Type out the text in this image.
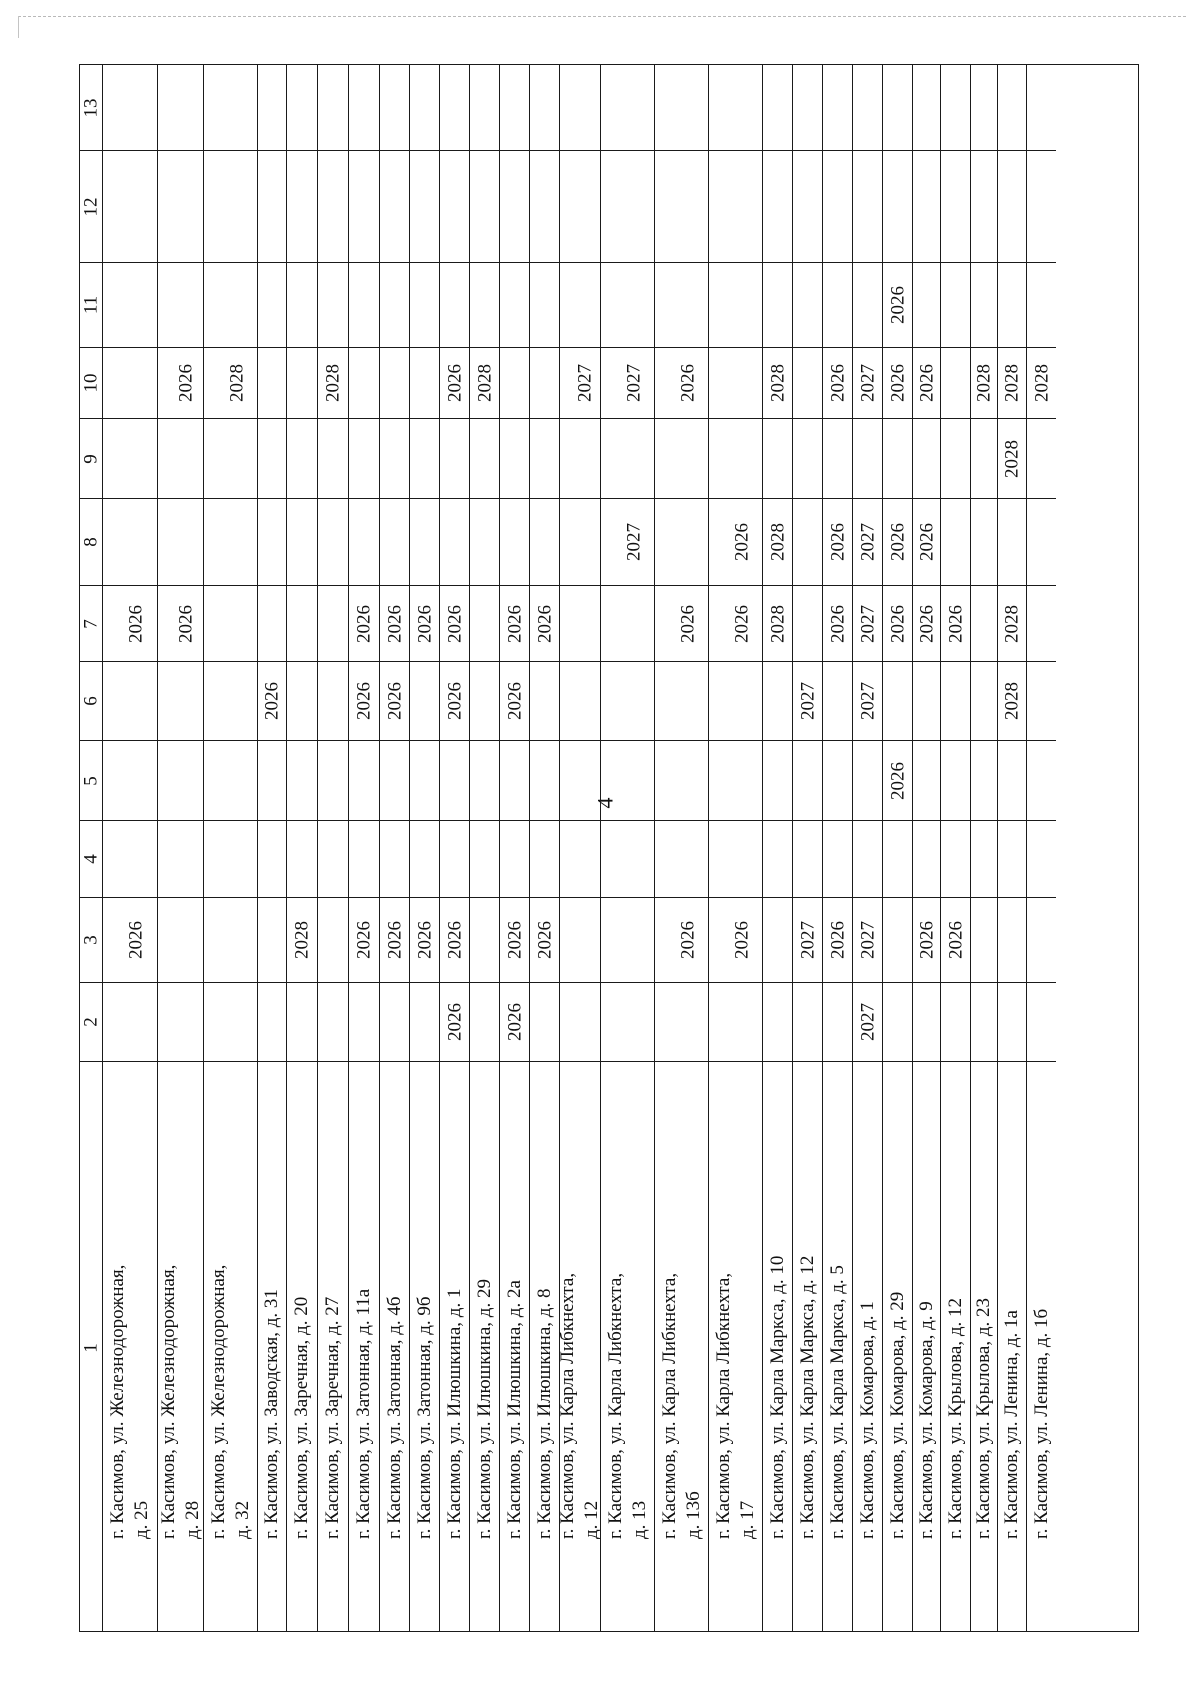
4
13
12
11
10
9
8
7
6
5
4
3
2
1
2026
2026
г. Касимов, ул. Железнодорожная, д. 25
2026
2026
г. Касимов, ул. Железнодорожная, д. 28
2028
г. Касимов, ул. Железнодорожная, д. 32
2026
г. Касимов, ул. Заводская, д. 31
2028
г. Касимов, ул. Заречная, д. 20
2028
г. Касимов, ул. Заречная, д. 27
2026
2026
2026
г. Касимов, ул. Затонная, д. 11а
2026
2026
2026
г. Касимов, ул. Затонная, д. 4б
2026
2026
г. Касимов, ул. Затонная, д. 9б
2026
2026
2026
2026
2026
г. Касимов, ул. Илюшкина, д. 1
2028
г. Касимов, ул. Илюшкина, д. 29
2026
2026
2026
2026
г. Касимов, ул. Илюшкина, д. 2а
2026
2026
г. Касимов, ул. Илюшкина, д. 8
2027
г. Касимов, ул. Карла Либкнехта, д. 12
2027
2027
г. Касимов, ул. Карла Либкнехта, д. 13
2026
2026
2026
г. Касимов, ул. Карла Либкнехта, д. 13б
2026
2026
2026
г. Касимов, ул. Карла Либкнехта, д. 17
2028
2028
2028
г. Касимов, ул. Карла Маркса, д. 10
2027
2027
г. Касимов, ул. Карла Маркса, д. 12
2026
2026
2026
2026
г. Касимов, ул. Карла Маркса, д. 5
2027
2027
2027
2027
2027
2027
г. Касимов, ул. Комарова, д. 1
2026
2026
2026
2026
2026
г. Касимов, ул. Комарова, д. 29
2026
2026
2026
2026
г. Касимов, ул. Комарова, д. 9
2026
2026
г. Касимов, ул. Крылова, д. 12
2028
г. Касимов, ул. Крылова, д. 23
2028
2028
2028
2028
г. Касимов, ул. Ленина, д. 1а
2028
г. Касимов, ул. Ленина, д. 1б
